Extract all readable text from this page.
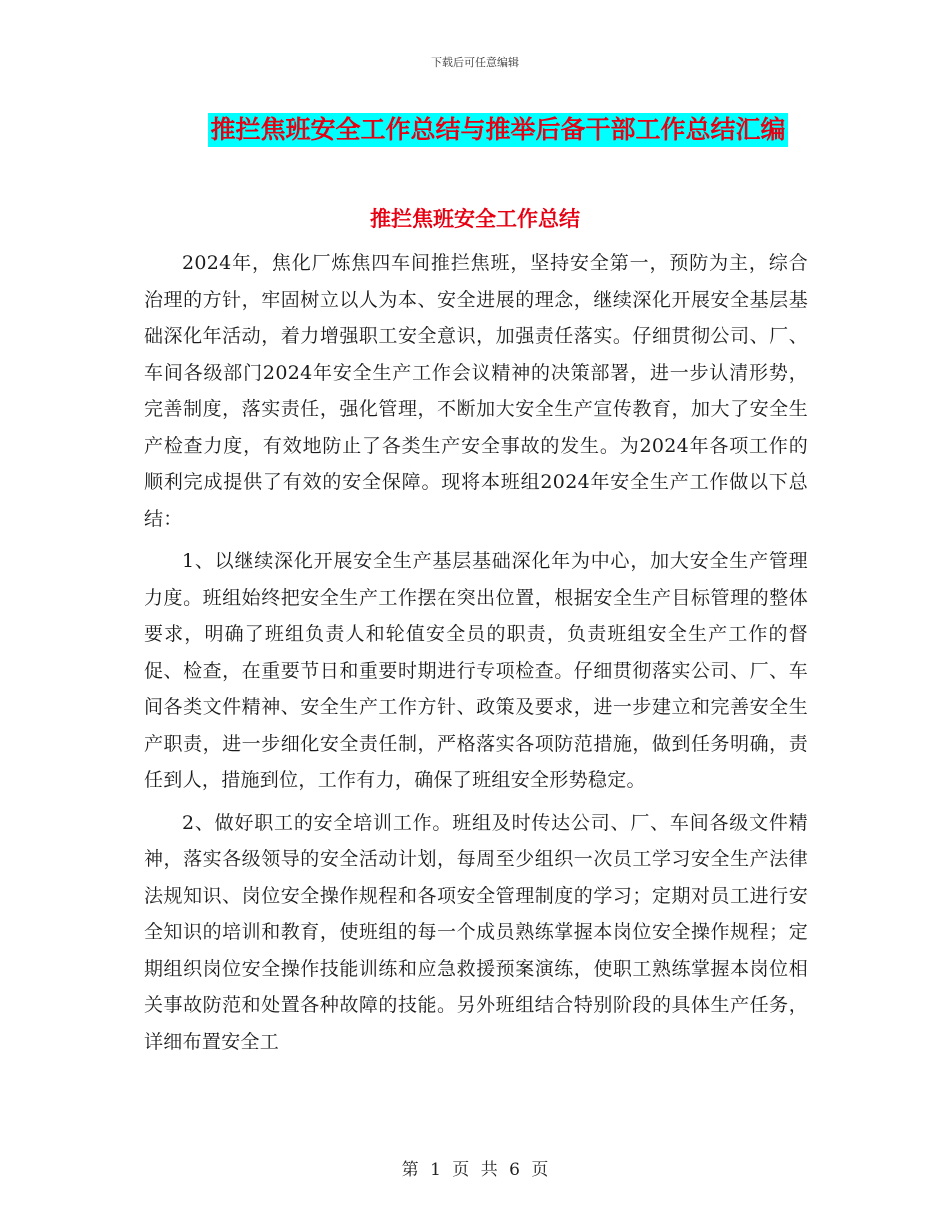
下载后可任意编辑
推拦焦班安全工作总结与推举后备干部工作总结汇编
推拦焦班安全工作总结

2024年，焦化厂炼焦四车间推拦焦班，坚持安全第一，预防为主，综合治理的方针，牢固树立以人为本、安全进展的理念，继续深化开展安全基层基础深化年活动，着力增强职工安全意识，加强责任落实。仔细贯彻公司、厂、车间各级部门2024年安全生产工作会议精神的决策部署，进一步认清形势，完善制度，落实责任，强化管理，不断加大安全生产宣传教育，加大了安全生产检查力度，有效地防止了各类生产安全事故的发生。为2024年各项工作的顺利完成提供了有效的安全保障。现将本班组2024年安全生产工作做以下总结：

1、以继续深化开展安全生产基层基础深化年为中心，加大安全生产管理力度。班组始终把安全生产工作摆在突出位置，根据安全生产目标管理的整体要求，明确了班组负责人和轮值安全员的职责，负责班组安全生产工作的督促、检查，在重要节日和重要时期进行专项检查。仔细贯彻落实公司、厂、车间各类文件精神、安全生产工作方针、政策及要求，进一步建立和完善安全生产职责，进一步细化安全责任制，严格落实各项防范措施，做到任务明确，责任到人，措施到位，工作有力，确保了班组安全形势稳定。

2、做好职工的安全培训工作。班组及时传达公司、厂、车间各级文件精神，落实各级领导的安全活动计划，每周至少组织一次员工学习安全生产法律法规知识、岗位安全操作规程和各项安全管理制度的学习；定期对员工进行安全知识的培训和教育，使班组的每一个成员熟练掌握本岗位安全操作规程；定期组织岗位安全操作技能训练和应急救援预案演练，使职工熟练掌握本岗位相关事故防范和处置各种故障的技能。另外班组结合特别阶段的具体生产任务，详细布置安全工

第 1 页 共 6 页
